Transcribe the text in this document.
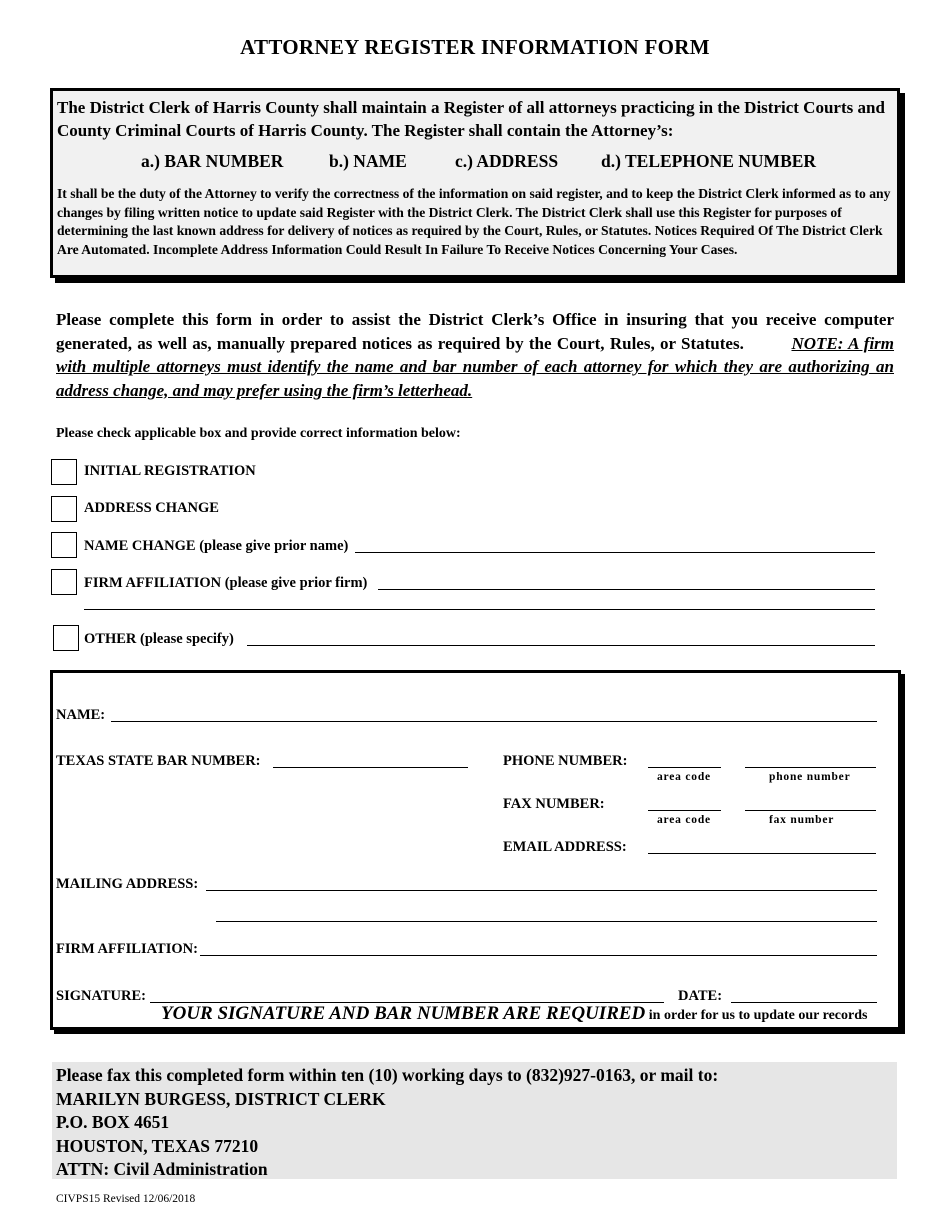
ATTORNEY REGISTER INFORMATION FORM
The District Clerk of Harris County shall maintain a Register of all attorneys practicing in the District Courts and County Criminal Courts of Harris County. The Register shall contain the Attorney’s:
a.) BAR NUMBER	b.) NAME	c.) ADDRESS d.) TELEPHONE NUMBER
It shall be the duty of the Attorney to verify the correctness of the information on said register, and to keep the District Clerk informed as to any changes by filing written notice to update said Register with the District Clerk. The District Clerk shall use this Register for purposes of determining the last known address for delivery of notices as required by the Court, Rules, or Statutes. Notices Required Of The District Clerk Are Automated. Incomplete Address Information Could Result In Failure To Receive Notices Concerning Your Cases.
Please complete this form in order to assist the District Clerk’s Office in insuring that you receive computer generated, as well as, manually prepared notices as required by the Court, Rules, or Statutes.	NOTE: A firm with multiple attorneys must identify the name and bar number of each attorney for which they are authorizing an address change, and may prefer using the firm’s letterhead.
Please check applicable box and provide correct information below:
INITIAL REGISTRATION
ADDRESS CHANGE
NAME CHANGE (please give prior name)
FIRM AFFILIATION (please give prior firm)
OTHER (please specify)
NAME:
TEXAS STATE BAR NUMBER:	PHONE NUMBER:
area code	phone number
FAX NUMBER:
area code	fax number
EMAIL ADDRESS:
MAILING ADDRESS:
FIRM AFFILIATION:
SIGNATURE:	DATE:
YOUR SIGNATURE AND BAR NUMBER ARE REQUIRED in order for us to update our records
Please fax this completed form within ten (10) working days to (832)927-0163, or mail to:
MARILYN BURGESS, DISTRICT CLERK
P.O. BOX 4651
HOUSTON, TEXAS 77210
ATTN: Civil Administration
CIVPS15 Revised 12/06/2018
